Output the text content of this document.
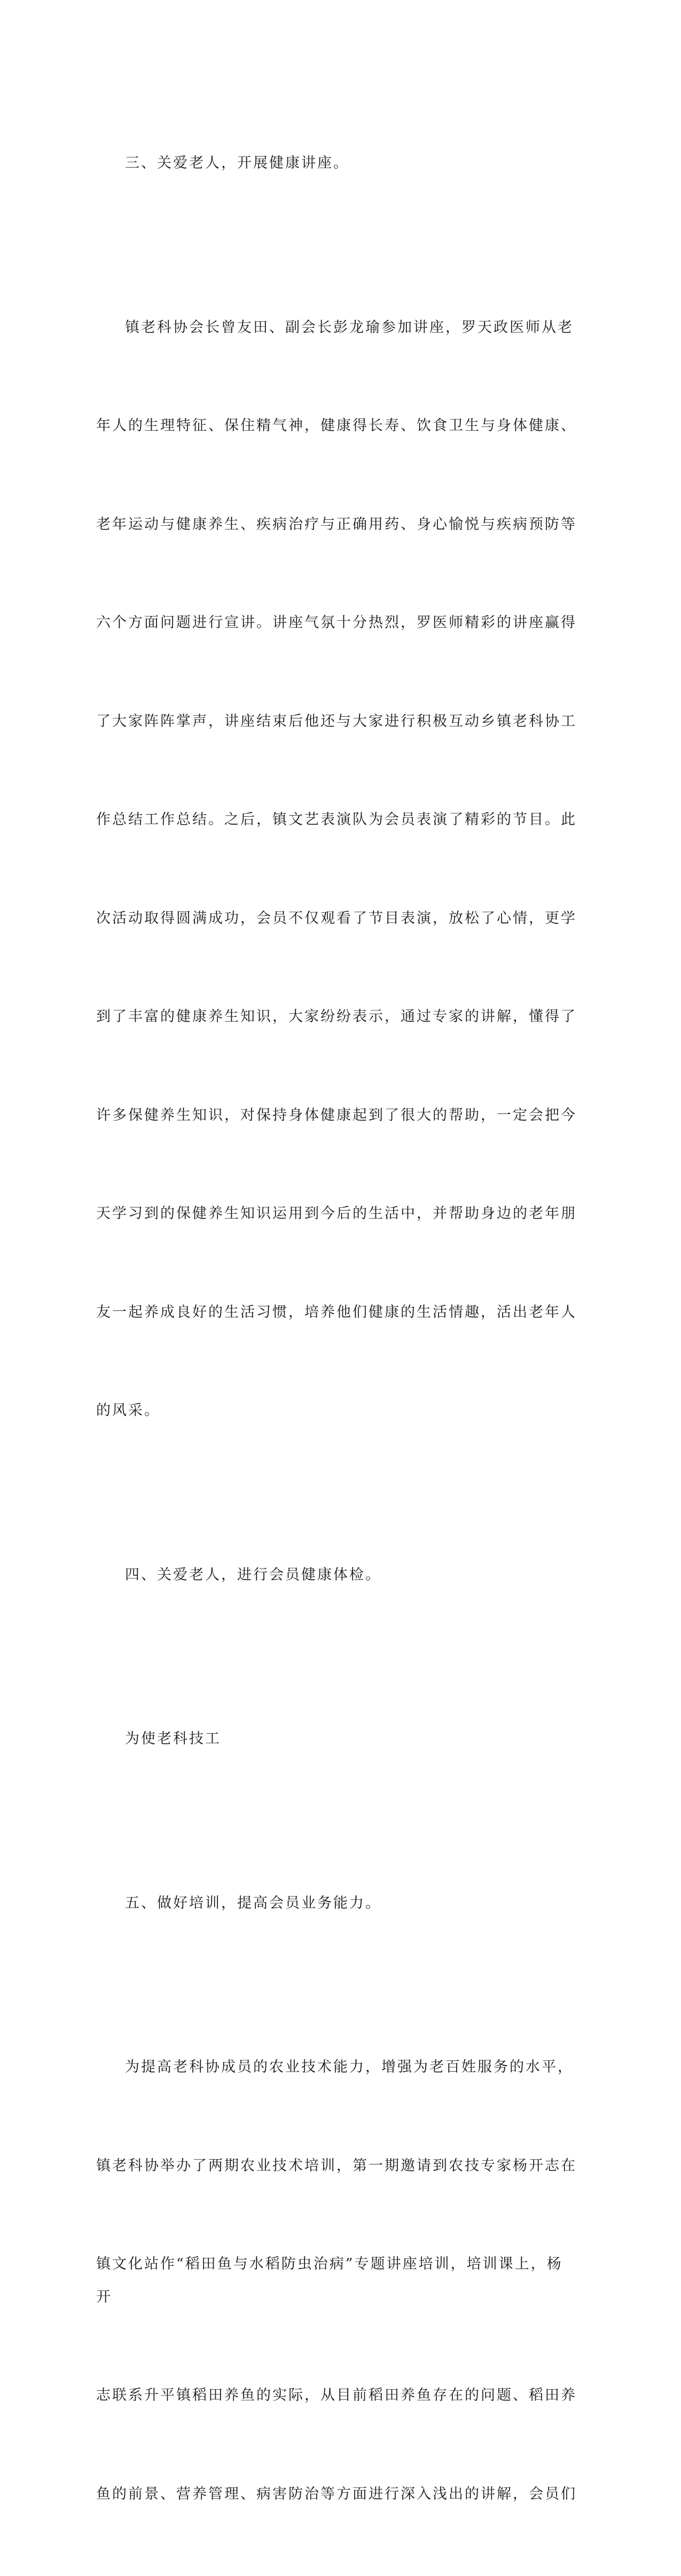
三、关爱老人，开展健康讲座。

镇老科协会长曾友田、副会长彭龙瑜参加讲座，罗天政医师从老

年人的生理特征、保住精气神，健康得长寿、饮食卫生与身体健康、

老年运动与健康养生、疾病治疗与正确用药、身心愉悦与疾病预防等

六个方面问题进行宣讲。讲座气氛十分热烈，罗医师精彩的讲座赢得

了大家阵阵掌声，讲座结束后他还与大家进行积极互动乡镇老科协工

作总结工作总结。之后，镇文艺表演队为会员表演了精彩的节目。此

次活动取得圆满成功，会员不仅观看了节目表演，放松了心情，更学

到了丰富的健康养生知识，大家纷纷表示，通过专家的讲解，懂得了

许多保健养生知识，对保持身体健康起到了很大的帮助，一定会把今

天学习到的保健养生知识运用到今后的生活中，并帮助身边的老年朋

友一起养成良好的生活习惯，培养他们健康的生活情趣，活出老年人

的风采。

四、关爱老人，进行会员健康体检。

为使老科技工

五、做好培训，提高会员业务能力。

为提高老科协成员的农业技术能力，增强为老百姓服务的水平，

镇老科协举办了两期农业技术培训，第一期邀请到农技专家杨开志在

镇文化站作“稻田鱼与水稻防虫治病”专题讲座培训，培训课上，杨开

志联系升平镇稻田养鱼的实际，从目前稻田养鱼存在的问题、稻田养

鱼的前景、营养管理、病害防治等方面进行深入浅出的讲解，会员们
